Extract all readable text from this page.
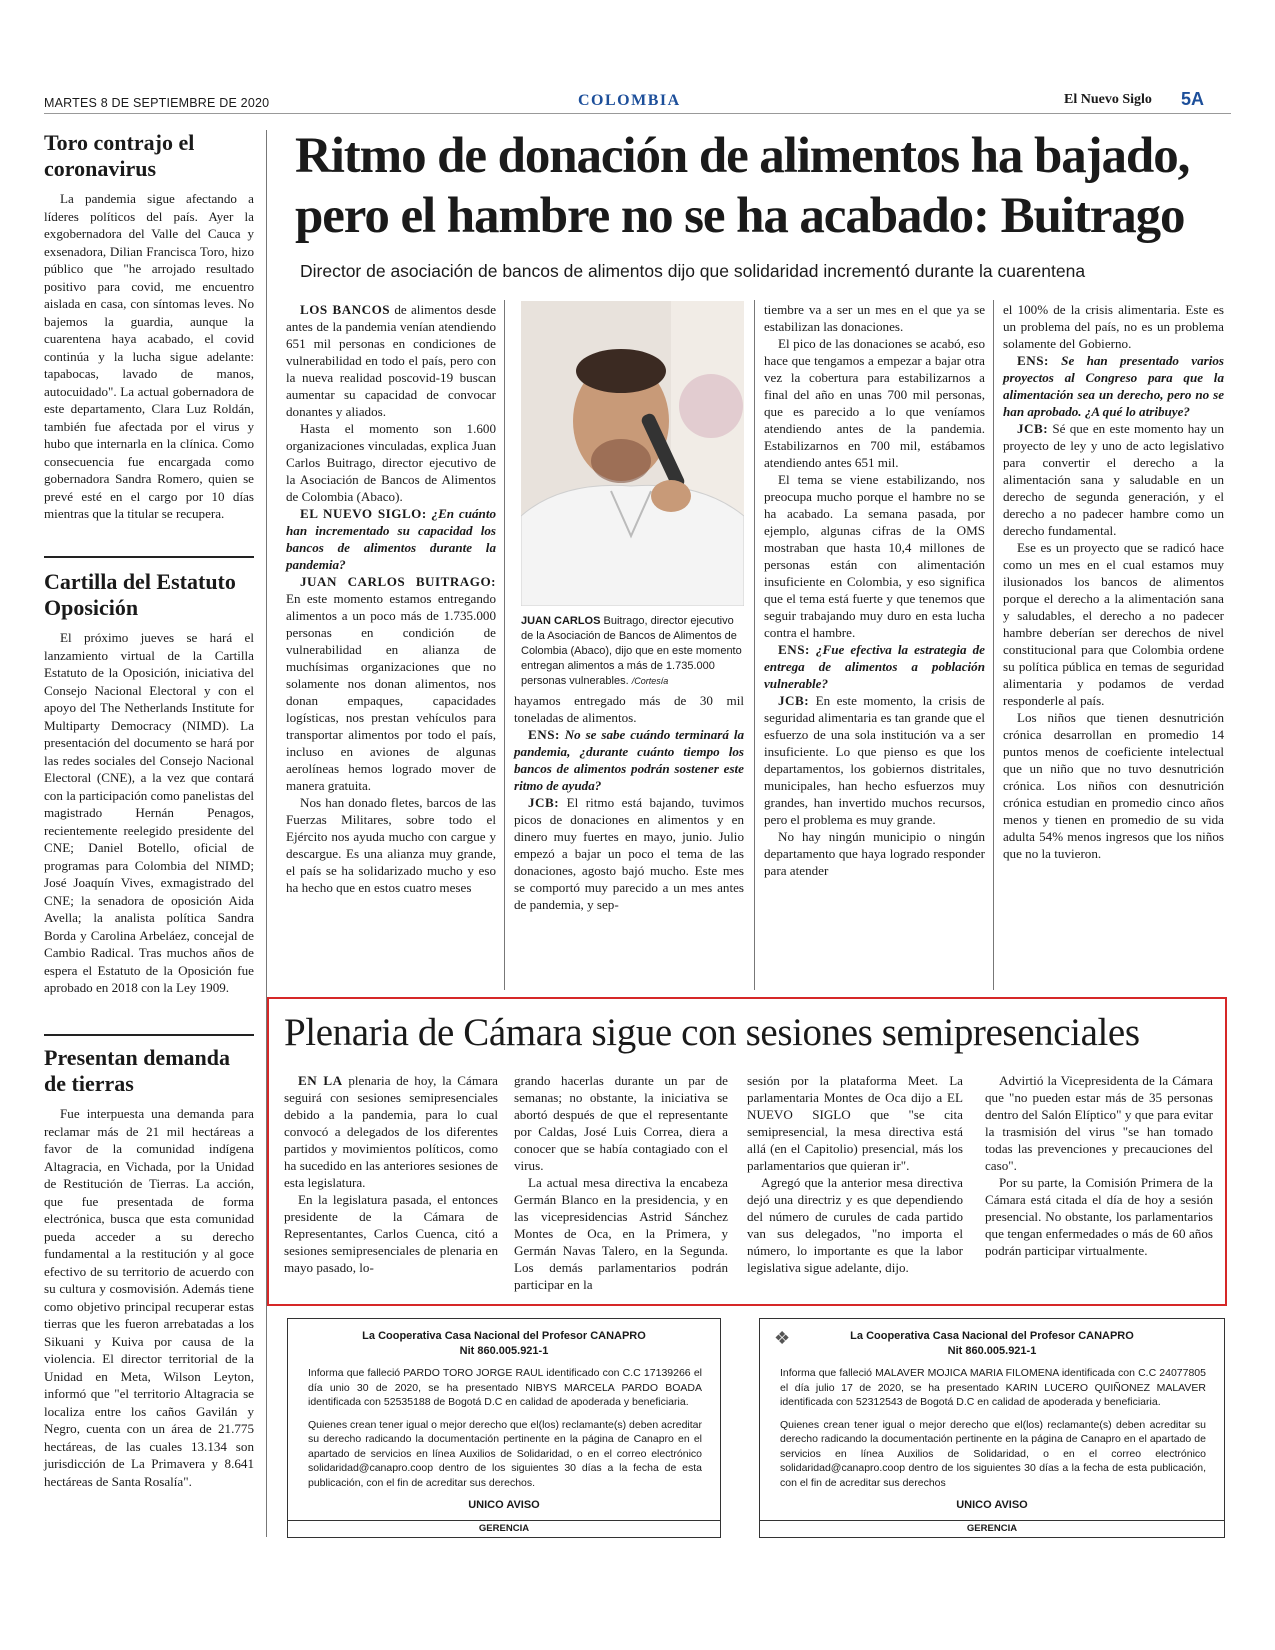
MARTES 8 DE SEPTIEMBRE DE 2020	COLOMBIA	El Nuevo Siglo 5A
Toro contrajo el coronavirus

La pandemia sigue afectando a líderes políticos del país. Ayer la exgobernadora del Valle del Cauca y exsenadora, Dilian Francisca Toro, hizo público que "he arrojado resultado positivo para covid, me encuentro aislada en casa, con síntomas leves. No bajemos la guardia, aunque la cuarentena haya acabado, el covid continúa y la lucha sigue adelante: tapabocas, lavado de manos, autocuidado". La actual gobernadora de este departamento, Clara Luz Roldán, también fue afectada por el virus y hubo que internarla en la clínica. Como consecuencia fue encargada como gobernadora Sandra Romero, quien se prevé esté en el cargo por 10 días mientras que la titular se recupera.

Cartilla del Estatuto Oposición

El próximo jueves se hará el lanzamiento virtual de la Cartilla Estatuto de la Oposición, iniciativa del Consejo Nacional Electoral y con el apoyo del The Netherlands Institute for Multiparty Democracy (NIMD). La presentación del documento se hará por las redes sociales del Consejo Nacional Electoral (CNE), a la vez que contará con la participación como panelistas del magistrado Hernán Penagos, recientemente reelegido presidente del CNE; Daniel Botello, oficial de programas para Colombia del NIMD; José Joaquín Vives, exmagistrado del CNE; la senadora de oposición Aida Avella; la analista política Sandra Borda y Carolina Arbeláez, concejal de Cambio Radical. Tras muchos años de espera el Estatuto de la Oposición fue aprobado en 2018 con la Ley 1909.

Presentan demanda de tierras

Fue interpuesta una demanda para reclamar más de 21 mil hectáreas a favor de la comunidad indígena Altagracia, en Vichada, por la Unidad de Restitución de Tierras. La acción, que fue presentada de forma electrónica, busca que esta comunidad pueda acceder a su derecho fundamental a la restitución y al goce efectivo de su territorio de acuerdo con su cultura y cosmovisión. Además tiene como objetivo principal recuperar estas tierras que les fueron arrebatadas a los Sikuani y Kuiva por causa de la violencia. El director territorial de la Unidad en Meta, Wilson Leyton, informó que "el territorio Altagracia se localiza entre los caños Gavilán y Negro, cuenta con un área de 21.775 hectáreas, de las cuales 13.134 son jurisdicción de La Primavera y 8.641 hectáreas de Santa Rosalía".

Ritmo de donación de alimentos ha bajado, pero el hambre no se ha acabado: Buitrago
Director de asociación de bancos de alimentos dijo que solidaridad incrementó durante la cuarentena

LOS BANCOS de alimentos desde antes de la pandemia venían atendiendo 651 mil personas en condiciones de vulnerabilidad en todo el país, pero con la nueva realidad poscovid-19 buscan aumentar su capacidad de convocar donantes y aliados.

Hasta el momento son 1.600 organizaciones vinculadas, explica Juan Carlos Buitrago, director ejecutivo de la Asociación de Bancos de Alimentos de Colombia (Abaco).

EL NUEVO SIGLO: ¿En cuánto han incrementado su capacidad los bancos de alimentos durante la pandemia?

JUAN CARLOS BUITRAGO: En este momento estamos entregando alimentos a un poco más de 1.735.000 personas en condición de vulnerabilidad en alianza de muchísimas organizaciones que no solamente nos donan alimentos, nos donan empaques, capacidades logísticas, nos prestan vehículos para transportar alimentos por todo el país, incluso en aviones de algunas aerolíneas hemos logrado mover de manera gratuita.

Nos han donado fletes, barcos de las Fuerzas Militares, sobre todo el Ejército nos ayuda mucho con cargue y descargue. Es una alianza muy grande, el país se ha solidarizado mucho y eso ha hecho que en estos cuatro meses

JUAN CARLOS Buitrago, director ejecutivo de la Asociación de Bancos de Alimentos de Colombia (Abaco), dijo que en este momento entregan alimentos a más de 1.735.000 personas vulnerables. /Cortesía

hayamos entregado más de 30 mil toneladas de alimentos.

ENS: No se sabe cuándo terminará la pandemia, ¿durante cuánto tiempo los bancos de alimentos podrán sostener este ritmo de ayuda?

JCB: El ritmo está bajando, tuvimos picos de donaciones en alimentos y en dinero muy fuertes en mayo, junio. Julio empezó a bajar un poco el tema de las donaciones, agosto bajó mucho. Este mes se comportó muy parecido a un mes antes de pandemia, y sep-

tiembre va a ser un mes en el que ya se estabilizan las donaciones.

El pico de las donaciones se acabó, eso hace que tengamos a empezar a bajar otra vez la cobertura para estabilizarnos a final del año en unas 700 mil personas, que es parecido a lo que veníamos atendiendo antes de la pandemia. Estabilizarnos en 700 mil, estábamos atendiendo antes 651 mil.

El tema se viene estabilizando, nos preocupa mucho porque el hambre no se ha acabado. La semana pasada, por ejemplo, algunas cifras de la OMS mostraban que hasta 10,4 millones de personas están con alimentación insuficiente en Colombia, y eso significa que el tema está fuerte y que tenemos que seguir trabajando muy duro en esta lucha contra el hambre.

ENS: ¿Fue efectiva la estrategia de entrega de alimentos a población vulnerable?

JCB: En este momento, la crisis de seguridad alimentaria es tan grande que el esfuerzo de una sola institución va a ser insuficiente. Lo que pienso es que los departamentos, los gobiernos distritales, municipales, han hecho esfuerzos muy grandes, han invertido muchos recursos, pero el problema es muy grande.

No hay ningún municipio o ningún departamento que haya logrado responder para atender

el 100% de la crisis alimentaria. Este es un problema del país, no es un problema solamente del Gobierno.

ENS: Se han presentado varios proyectos al Congreso para que la alimentación sea un derecho, pero no se han aprobado. ¿A qué lo atribuye?

JCB: Sé que en este momento hay un proyecto de ley y uno de acto legislativo para convertir el derecho a la alimentación sana y saludable en un derecho de segunda generación, y el derecho a no padecer hambre como un derecho fundamental.

Ese es un proyecto que se radicó hace como un mes en el cual estamos muy ilusionados los bancos de alimentos porque el derecho a la alimentación sana y saludables, el derecho a no padecer hambre deberían ser derechos de nivel constitucional para que Colombia ordene su política pública en temas de seguridad alimentaria y podamos de verdad responderle al país.

Los niños que tienen desnutrición crónica desarrollan en promedio 14 puntos menos de coeficiente intelectual que un niño que no tuvo desnutrición crónica. Los niños con desnutrición crónica estudian en promedio cinco años menos y tienen en promedio de su vida adulta 54% menos ingresos que los niños que no la tuvieron.

Plenaria de Cámara sigue con sesiones semipresenciales

EN LA plenaria de hoy, la Cámara seguirá con sesiones semipresenciales debido a la pandemia, para lo cual convocó a delegados de los diferentes partidos y movimientos políticos, como ha sucedido en las anteriores sesiones de esta legislatura.

En la legislatura pasada, el entonces presidente de la Cámara de Representantes, Carlos Cuenca, citó a sesiones semipresenciales de plenaria en mayo pasado, lo-

grando hacerlas durante un par de semanas; no obstante, la iniciativa se abortó después de que el representante por Caldas, José Luis Correa, diera a conocer que se había contagiado con el virus.

La actual mesa directiva la encabeza Germán Blanco en la presidencia, y en las vicepresidencias Astrid Sánchez Montes de Oca, en la Primera, y Germán Navas Talero, en la Segunda. Los demás parlamentarios podrán participar en la

sesión por la plataforma Meet. La parlamentaria Montes de Oca dijo a EL NUEVO SIGLO que "se cita semipresencial, la mesa directiva está allá (en el Capitolio) presencial, más los parlamentarios que quieran ir".

Agregó que la anterior mesa directiva dejó una directriz y es que dependiendo del número de curules de cada partido van sus delegados, "no importa el número, lo importante es que la labor legislativa sigue adelante, dijo.

Advirtió la Vicepresidenta de la Cámara que "no pueden estar más de 35 personas dentro del Salón Elíptico" y que para evitar la trasmisión del virus "se han tomado todas las prevenciones y precauciones del caso".

Por su parte, la Comisión Primera de la Cámara está citada el día de hoy a sesión presencial. No obstante, los parlamentarios que tengan enfermedades o más de 60 años podrán participar virtualmente.

La Cooperativa Casa Nacional del Profesor CANAPRO
Nit 860.005.921-1

Informa que falleció PARDO TORO JORGE RAUL identificado con C.C 17139266 el día unio 30 de 2020, se ha presentado NIBYS MARCELA PARDO BOADA identificada con 52535188 de Bogotá D.C en calidad de apoderada y beneficiaria.

Quienes crean tener igual o mejor derecho que el(los) reclamante(s) deben acreditar su derecho radicando la documentación pertinente en la página de Canapro en el apartado de servicios en línea Auxilios de Solidaridad, o en el correo electrónico solidaridad@canapro.coop dentro de los siguientes 30 días a la fecha de esta publicación, con el fin de acreditar sus derechos.

UNICO AVISO
GERENCIA
❖	La Cooperativa Casa Nacional del Profesor CANAPRO
Nit 860.005.921-1

Informa que falleció MALAVER MOJICA MARIA FILOMENA identificada con C.C 24077805 el día julio 17 de 2020, se ha presentado KARIN LUCERO QUIÑONEZ MALAVER identificada con 52312543 de Bogotá D.C en calidad de apoderada y beneficiaria.

Quienes crean tener igual o mejor derecho que el(los) reclamante(s) deben acreditar su derecho radicando la documentación pertinente en la página de Canapro en el apartado de servicios en línea Auxilios de Solidaridad, o en el correo electrónico solidaridad@canapro.coop dentro de los siguientes 30 días a la fecha de esta publicación, con el fin de acreditar sus derechos

UNICO AVISO
GERENCIA
